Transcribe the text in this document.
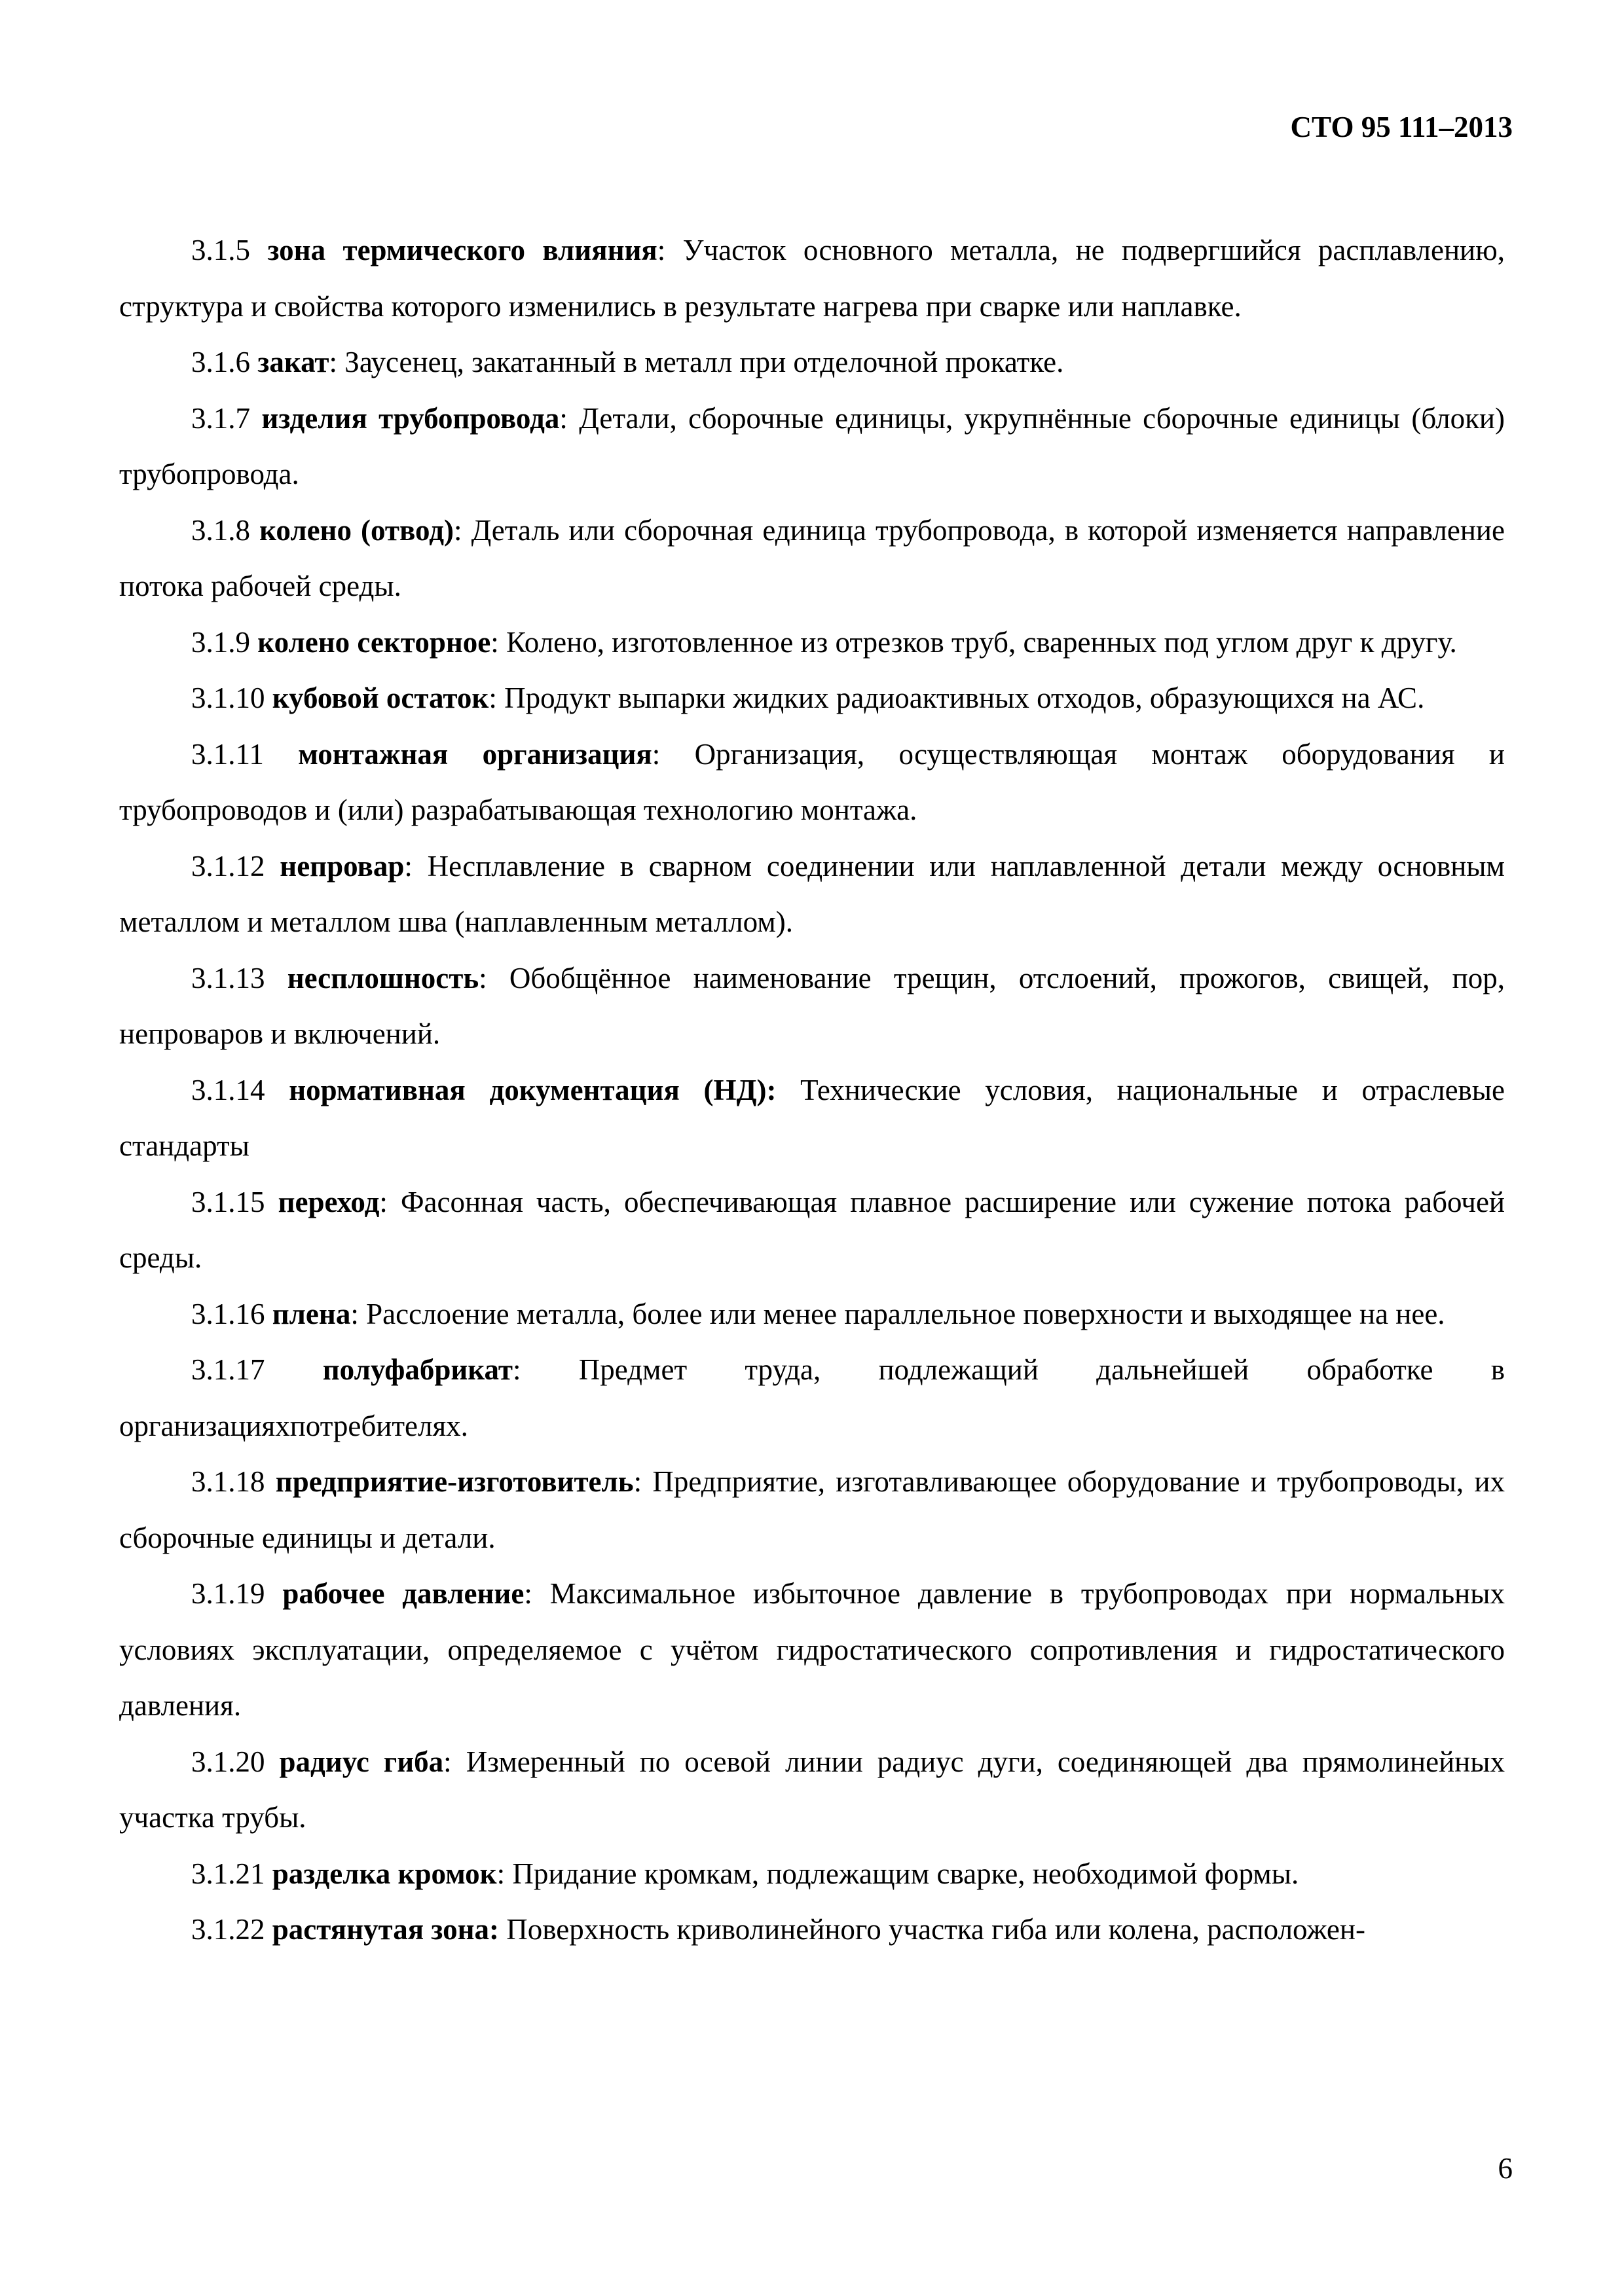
СТО 95 111–2013

3.1.5 зона термического влияния: Участок основного металла, не подвергшийся расплавлению, структура и свойства которого изменились в результате нагрева при сварке или наплавке.

3.1.6 закат: Заусенец, закатанный в металл при отделочной прокатке.

3.1.7 изделия трубопровода: Детали, сборочные единицы, укрупнённые сборочные единицы (блоки) трубопровода.

3.1.8 колено (отвод): Деталь или сборочная единица трубопровода, в которой изменяется направление потока рабочей среды.

3.1.9 колено секторное: Колено, изготовленное из отрезков труб, сваренных под углом друг к другу.

3.1.10 кубовой остаток: Продукт выпарки жидких радиоактивных отходов, образующихся на АС.

3.1.11 монтажная организация: Организация, осуществляющая монтаж оборудования и трубопроводов и (или) разрабатывающая технологию монтажа.

3.1.12 непровар: Несплавление в сварном соединении или наплавленной детали между основным металлом и металлом шва (наплавленным металлом).

3.1.13 несплошность: Обобщённое наименование трещин, отслоений, прожогов, свищей, пор, непроваров и включений.

3.1.14 нормативная документация (НД): Технические условия, национальные и отраслевые стандарты

3.1.15 переход: Фасонная часть, обеспечивающая плавное расширение или сужение потока рабочей среды.

3.1.16 плена: Расслоение металла, более или менее параллельное поверхности и выходящее на нее.

3.1.17 полуфабрикат: Предмет труда, подлежащий дальнейшей обработке в организацияхпотребителях.

3.1.18 предприятие-изготовитель: Предприятие, изготавливающее оборудование и трубопроводы, их сборочные единицы и детали.

3.1.19 рабочее давление: Максимальное избыточное давление в трубопроводах при нормальных условиях эксплуатации, определяемое с учётом гидростатического сопротивления и гидростатического давления.

3.1.20 радиус гиба: Измеренный по осевой линии радиус дуги, соединяющей два прямолинейных участка трубы.

3.1.21 разделка кромок: Придание кромкам, подлежащим сварке, необходимой формы.

3.1.22 растянутая зона: Поверхность криволинейного участка гиба или колена, расположен-

6
